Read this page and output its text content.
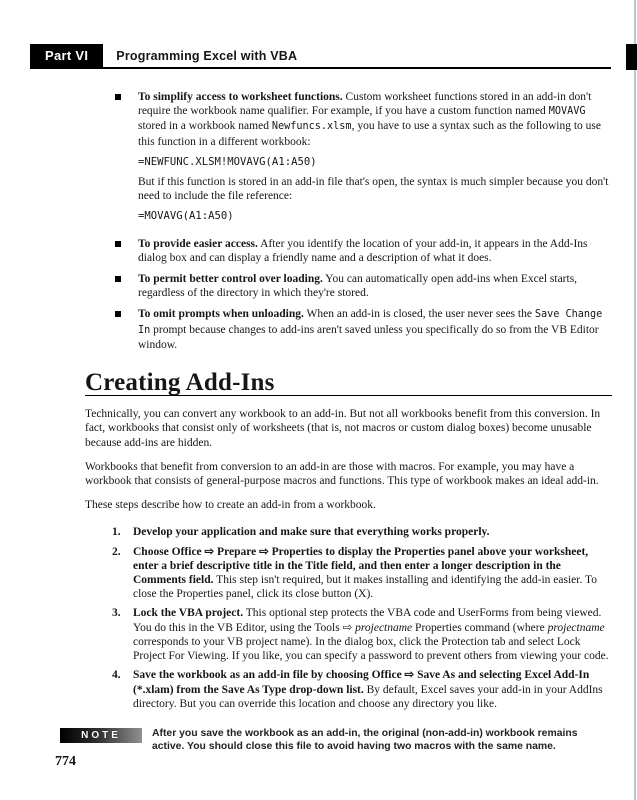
Part VI	Programming Excel with VBA

To simplify access to worksheet functions. Custom worksheet functions stored in an add-in don't require the workbook name qualifier. For example, if you have a custom function named MOVAVG stored in a workbook named Newfuncs.xlsm, you have to use a syntax such as the following to use this function in a different workbook:

=NEWFUNC.XLSM!MOVAVG(A1:A50)

But if this function is stored in an add-in file that's open, the syntax is much simpler because you don't need to include the file reference:

=MOVAVG(A1:A50)

To provide easier access. After you identify the location of your add-in, it appears in the Add-Ins dialog box and can display a friendly name and a description of what it does.

To permit better control over loading. You can automatically open add-ins when Excel starts, regardless of the directory in which they're stored.

To omit prompts when unloading. When an add-in is closed, the user never sees the Save Change In prompt because changes to add-ins aren't saved unless you specifically do so from the VB Editor window.

Creating Add-Ins

Technically, you can convert any workbook to an add-in. But not all workbooks benefit from this conversion. In fact, workbooks that consist only of worksheets (that is, not macros or custom dialog boxes) become unusable because add-ins are hidden.

Workbooks that benefit from conversion to an add-in are those with macros. For example, you may have a workbook that consists of general-purpose macros and functions. This type of workbook makes an ideal add-in.

These steps describe how to create an add-in from a workbook.

1.	Develop your application and make sure that everything works properly.
2.	Choose Office ⇨ Prepare ⇨ Properties to display the Properties panel above your worksheet, enter a brief descriptive title in the Title field, and then enter a longer description in the Comments field. This step isn't required, but it makes installing and identifying the add-in easier. To close the Properties panel, click its close button (X).
3.	Lock the VBA project. This optional step protects the VBA code and UserForms from being viewed. You do this in the VB Editor, using the Tools ⇨ projectname Properties command (where projectname corresponds to your VB project name). In the dialog box, click the Protection tab and select Lock Project For Viewing. If you like, you can specify a password to prevent others from viewing your code.
4.	Save the workbook as an add-in file by choosing Office ⇨ Save As and selecting Excel Add-In (*.xlam) from the Save As Type drop-down list. By default, Excel saves your add-in in your AddIns directory. But you can override this location and choose any directory you like.
NOTE	After you save the workbook as an add-in, the original (non-add-in) workbook remains active. You should close this file to avoid having two macros with the same name.
774
